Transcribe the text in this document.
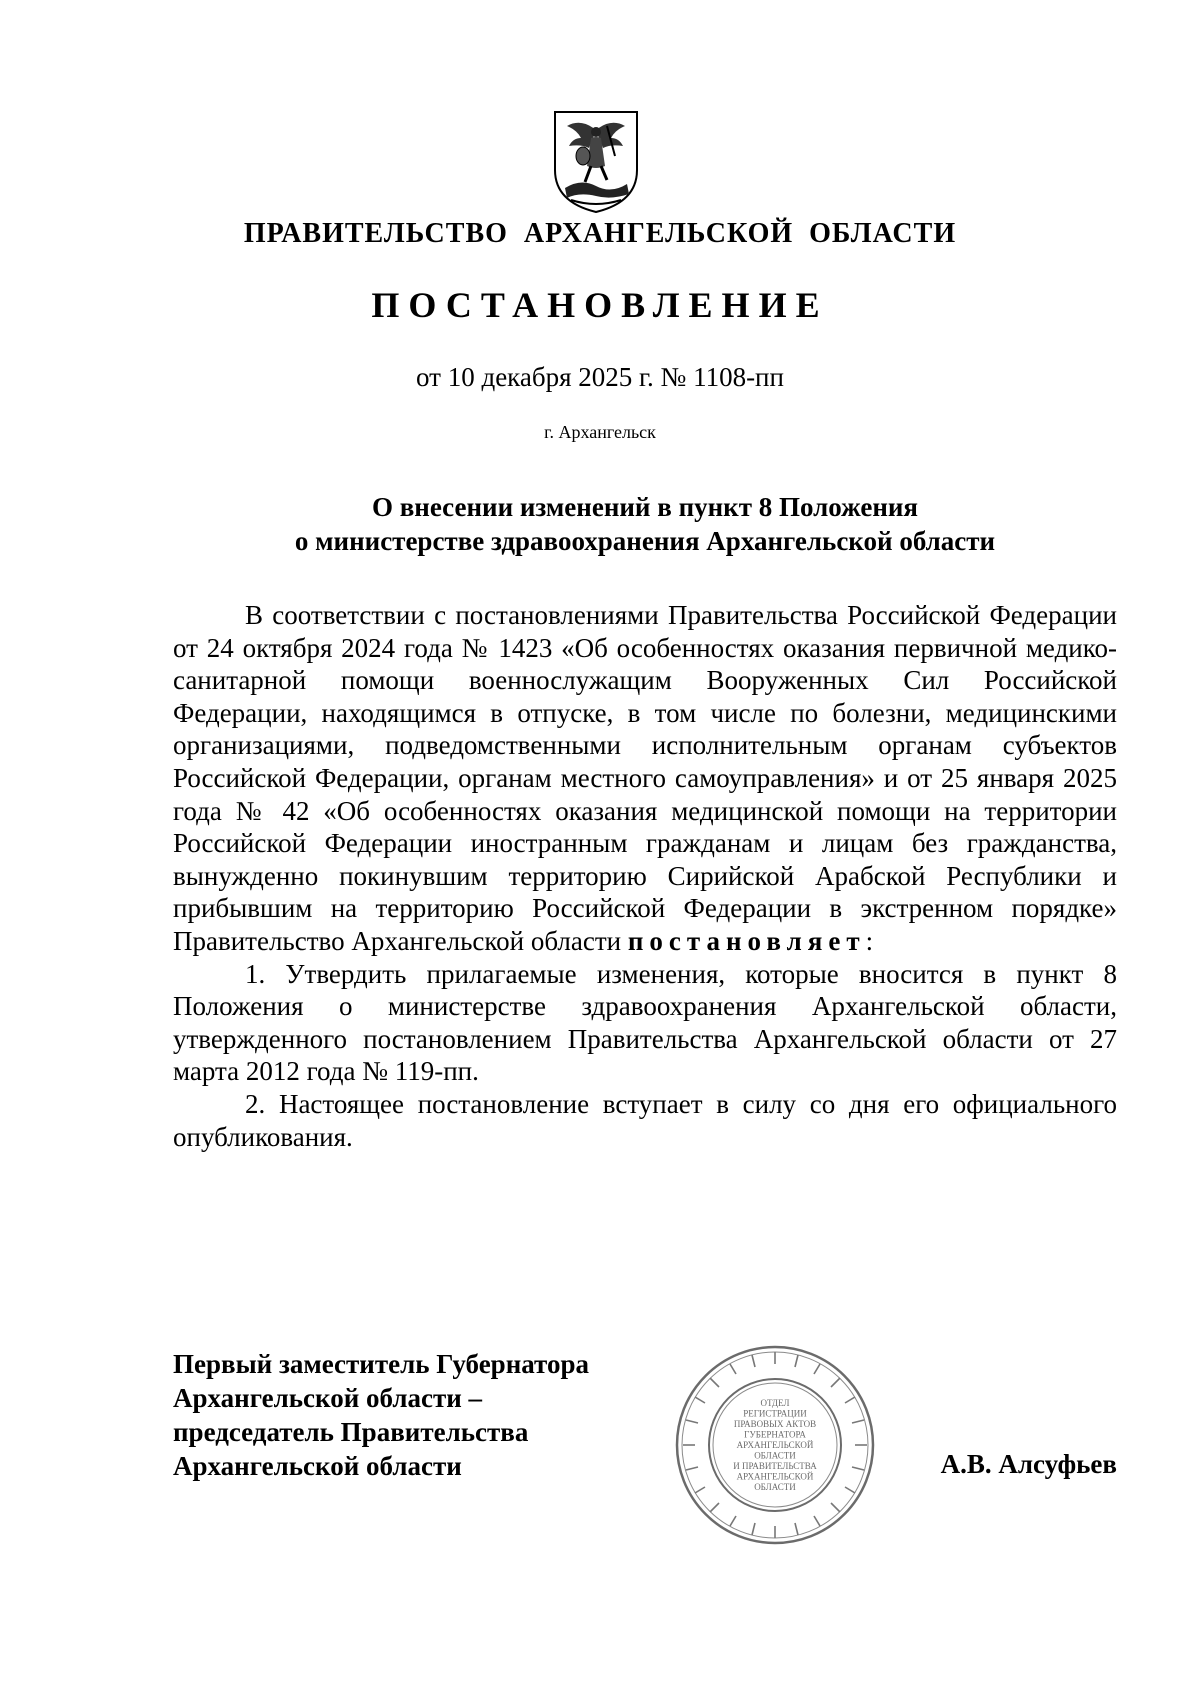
ПРАВИТЕЛЬСТВО АРХАНГЕЛЬСКОЙ ОБЛАСТИ
ПОСТАНОВЛЕНИЕ
от 10 декабря 2025 г. № 1108-пп
г. Архангельск
О внесении изменений в пункт 8 Положения
о министерстве здравоохранения Архангельской области

В соответствии с постановлениями Правительства Российской Федерации от 24 октября 2024 года № 1423 «Об особенностях оказания первичной медико-санитарной помощи военнослужащим Вооруженных Сил Российской Федерации, находящимся в отпуске, в том числе по болезни, медицинскими организациями, подведомственными исполнительным органам субъектов Российской Федерации, органам местного самоуправления» и от 25 января 2025 года № 42 «Об особенностях оказания медицинской помощи на территории Российской Федерации иностранным гражданам и лицам без гражданства, вынужденно покинувшим территорию Сирийской Арабской Республики и прибывшим на территорию Российской Федерации в экстренном порядке» Правительство Архангельской области постановляет:

1. Утвердить прилагаемые изменения, которые вносится в пункт 8 Положения о министерстве здравоохранения Архангельской области, утвержденного постановлением Правительства Архангельской области от 27 марта 2012 года № 119-пп.

2. Настоящее постановление вступает в силу со дня его официального опубликования.

Первый заместитель Губернатора
Архангельской области –
председатель Правительства
Архангельской области
ОТДЕЛ
РЕГИСТРАЦИИ
ПРАВОВЫХ АКТОВ
ГУБЕРНАТОРА
АРХАНГЕЛЬСКОЙ
ОБЛАСТИ
И ПРАВИТЕЛЬСТВА
АРХАНГЕЛЬСКОЙ
ОБЛАСТИ
А.В. Алсуфьев
